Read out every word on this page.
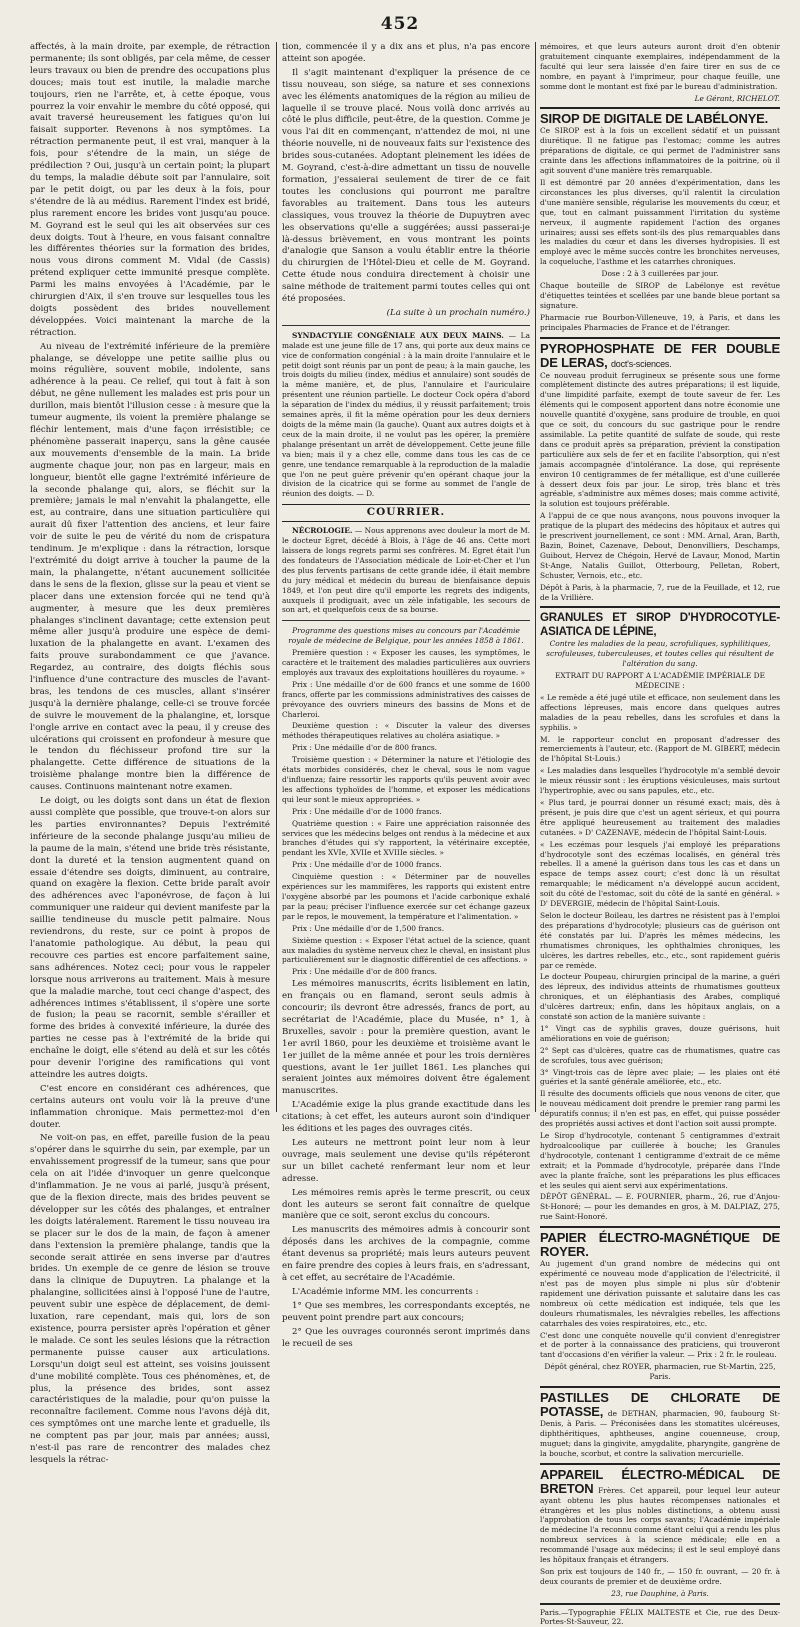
452

affectés, à la main droite, par exemple, de rétraction permanente; ils sont obligés, par cela même, de cesser leurs travaux ou bien de prendre des occupations plus douces; mais tout est inutile, la maladie marche toujours, rien ne l'arrête, et, à cette époque, vous pourrez la voir envahir le membre du côté opposé, qui avait traversé heureusement les fatigues qu'on lui faisait supporter. Revenons à nos symptômes. La rétraction permanente peut, il est vrai, manquer à la fois, pour s'étendre de la main, un siége de prédilection ? Oui, jusqu'à un certain point; la plupart du temps, la maladie débute soit par l'annulaire, soit par le petit doigt, ou par les deux à la fois, pour s'étendre de là au médius. Rarement l'index est bridé, plus rarement encore les brides vont jusqu'au pouce. M. Goyrand est le seul qui les ait observées sur ces deux doigts. Tout à l'heure, en vous faisant connaître les différentes théories sur la formation des brides, nous vous dirons comment M. Vidal (de Cassis) prétend expliquer cette immunité presque complète. Parmi les mains envoyées à l'Académie, par le chirurgien d'Aix, il s'en trouve sur lesquelles tous les doigts possèdent des brides nouvellement développées. Voici maintenant la marche de la rétraction.

Au niveau de l'extrémité inférieure de la première phalange, se développe une petite saillie plus ou moins régulière, souvent mobile, indolente, sans adhérence à la peau. Ce relief, qui tout à fait à son début, ne gêne nullement les malades est pris pour un durillon, mais bientôt l'illusion cesse : à mesure que la tumeur augmente, ils voient la première phalange se fléchir lentement, mais d'une façon irrésistible; ce phénomène passerait inaperçu, sans la gêne causée aux mouvements d'ensemble de la main. La bride augmente chaque jour, non pas en largeur, mais en longueur, bientôt elle gagne l'extrémité inférieure de la seconde phalange qui, alors, se fléchit sur la première; jamais le mal n'envahit la phalangette, elle est, au contraire, dans une situation particulière qui aurait dû fixer l'attention des anciens, et leur faire voir de suite le peu de vérité du nom de crispatura tendinum. Je m'explique : dans la rétraction, lorsque l'extrémité du doigt arrive à toucher la paume de la main, la phalangette, n'étant aucunement sollicitée dans le sens de la flexion, glisse sur la peau et vient se placer dans une extension forcée qui ne tend qu'à augmenter, à mesure que les deux premières phalanges s'inclinent davantage; cette extension peut même aller jusqu'à produire une espèce de demi-luxation de la phalangette en avant. L'examen des faits prouve surabondamment ce que j'avance. Regardez, au contraire, des doigts fléchis sous l'influence d'une contracture des muscles de l'avant-bras, les tendons de ces muscles, allant s'insérer jusqu'à la dernière phalange, celle-ci se trouve forcée de suivre le mouvement de la phalangine, et, lorsque l'ongle arrive en contact avec la peau, il y creuse des ulcérations qui croissent en profondeur à mesure que le tendon du fléchisseur profond tire sur la phalangette. Cette différence de situations de la troisième phalange montre bien la différence de causes. Continuons maintenant notre examen.

Le doigt, ou les doigts sont dans un état de flexion aussi complète que possible, que trouve-t-on alors sur les parties environnantes? Depuis l'extrémité inférieure de la seconde phalange jusqu'au milieu de la paume de la main, s'étend une bride très résistante, dont la dureté et la tension augmentent quand on essaie d'étendre ses doigts, diminuent, au contraire, quand on exagère la flexion. Cette bride paraît avoir des adhérences avec l'aponévrose, de façon à lui communiquer une raideur qui devient manifeste par la saillie tendineuse du muscle petit palmaire. Nous reviendrons, du reste, sur ce point à propos de l'anatomie pathologique. Au début, la peau qui recouvre ces parties est encore parfaitement saine, sans adhérences. Notez ceci; pour vous le rappeler lorsque nous arriverons au traitement. Mais à mesure que la maladie marche, tout ceci change d'aspect, des adhérences intimes s'établissent, il s'opère une sorte de fusion; la peau se racornit, semble s'érailler et forme des brides à convexité inférieure, la durée des parties ne cesse pas à l'extrémité de la bride qui enchaîne le doigt, elle s'étend au delà et sur les côtés pour devenir l'origine des ramifications qui vont atteindre les autres doigts.

C'est encore en considérant ces adhérences, que certains auteurs ont voulu voir là la preuve d'une inflammation chronique. Mais permettez-moi d'en douter.

Ne voit-on pas, en effet, pareille fusion de la peau s'opérer dans le squirrhe du sein, par exemple, par un envahissement progressif de la tumeur, sans que pour cela on ait l'idée d'invoquer un genre quelconque d'inflammation. Je ne vous ai parlé, jusqu'à présent, que de la flexion directe, mais des brides peuvent se développer sur les côtés des phalanges, et entraîner les doigts latéralement. Rarement le tissu nouveau ira se placer sur le dos de la main, de façon à amener dans l'extension la première phalange, tandis que la seconde serait attirée en sens inverse par d'autres brides. Un exemple de ce genre de lésion se trouve dans la clinique de Dupuytren. La phalange et la phalangine, sollicitées ainsi à l'opposé l'une de l'autre, peuvent subir une espèce de déplacement, de demi-luxation, rare cependant, mais qui, lors de son existence, pourra persister après l'opération et gêner le malade. Ce sont les seules lésions que la rétraction permanente puisse causer aux articulations. Lorsqu'un doigt seul est atteint, ses voisins jouissent d'une mobilité complète. Tous ces phénomènes, et, de plus, la présence des brides, sont assez caractéristiques de la maladie, pour qu'on puisse la reconnaître facilement. Comme nous l'avons déjà dit, ces symptômes ont une marche lente et graduelle, ils ne comptent pas par jour, mais par années; aussi, n'est-il pas rare de rencontrer des malades chez lesquels la rétrac-

tion, commencée il y a dix ans et plus, n'a pas encore atteint son apogée.

Il s'agit maintenant d'expliquer la présence de ce tissu nouveau, son siége, sa nature et ses connexions avec les éléments anatomiques de la région au milieu de laquelle il se trouve placé. Nous voilà donc arrivés au côté le plus difficile, peut-être, de la question. Comme je vous l'ai dit en commençant, n'attendez de moi, ni une théorie nouvelle, ni de nouveaux faits sur l'existence des brides sous-cutanées. Adoptant pleinement les idées de M. Goyrand, c'est-à-dire admettant un tissu de nouvelle formation, j'essaierai seulement de tirer de ce fait toutes les conclusions qui pourront me paraître favorables au traitement. Dans tous les auteurs classiques, vous trouvez la théorie de Dupuytren avec les observations qu'elle a suggérées; aussi passerai-je là-dessus brièvement, en vous montrant les points d'analogie que Sanson a voulu établir entre la théorie du chirurgien de l'Hôtel-Dieu et celle de M. Goyrand. Cette étude nous conduira directement à choisir une saine méthode de traitement parmi toutes celles qui ont été proposées.

(La suite à un prochain numéro.)

SYNDACTYLIE CONGÉNIALE AUX DEUX MAINS. — La malade est une jeune fille de 17 ans, qui porte aux deux mains ce vice de conformation congénial : à la main droite l'annulaire et le petit doigt sont réunis par un pont de peau; à la main gauche, les trois doigts du milieu (index, médius et annulaire) sont soudés de la même manière, et, de plus, l'annulaire et l'auriculaire présentent une réunion partielle. Le docteur Cock opéra d'abord la séparation de l'index du médius, il y réussit parfaitement; trois semaines après, il fit la même opération pour les deux derniers doigts de la même main (la gauche). Quant aux autres doigts et à ceux de la main droite, il ne voulut pas les opérer, la première phalange présentant un arrêt de développement. Cette jeune fille va bien; mais il y a chez elle, comme dans tous les cas de ce genre, une tendance remarquable à la reproduction de la maladie que l'on ne peut guère prévenir qu'en opérant chaque jour la division de la cicatrice qui se forme au sommet de l'angle de réunion des doigts. — D.

COURRIER.

NÉCROLOGIE. — Nous apprenons avec douleur la mort de M. le docteur Egret, décédé à Blois, à l'âge de 46 ans. Cette mort laissera de longs regrets parmi ses confrères. M. Egret était l'un des fondateurs de l'Association médicale de Loir-et-Cher et l'un des plus fervents partisans de cette grande idée, il était membre du jury médical et médecin du bureau de bienfaisance depuis 1849, et l'on peut dire qu'il emporte les regrets des indigents, auxquels il prodiguait, avec un zèle infatigable, les secours de son art, et quelquefois ceux de sa bourse.

Programme des questions mises au concours par l'Académie royale de médecine de Belgique, pour les années 1858 à 1861.

Première question : « Exposer les causes, les symptômes, le caractère et le traitement des maladies particulières aux ouvriers employés aux travaux des exploitations houillères du royaume. »

Prix : Une médaille d'or de 600 francs et une somme de 1600 francs, offerte par les commissions administratives des caisses de prévoyance des ouvriers mineurs des bassins de Mons et de Charleroi.

Deuxième question : « Discuter la valeur des diverses méthodes thérapeutiques relatives au choléra asiatique. »

Prix : Une médaille d'or de 800 francs.

Troisième question : « Déterminer la nature et l'étiologie des états morbides considérés, chez le cheval, sous le nom vague d'influenza; faire ressortir les rapports qu'ils peuvent avoir avec les affections typhoïdes de l'homme, et exposer les médications qui leur sont le mieux appropriées. »

Prix : Une médaille d'or de 1000 francs.

Quatrième question : « Faire une appréciation raisonnée des services que les médecins belges ont rendus à la médecine et aux branches d'études qui s'y rapportent, la vétérinaire exceptée, pendant les XVIe, XVIIe et XVIIIe siècles. »

Prix : Une médaille d'or de 1000 francs.

Cinquième question : « Déterminer par de nouvelles expériences sur les mammifères, les rapports qui existent entre l'oxygène absorbé par les poumons et l'acide carbonique exhalé par la peau; préciser l'influence exercée sur cet échange gazeux par le repos, le mouvement, la température et l'alimentation. »

Prix : Une médaille d'or de 1,500 francs.

Sixième question : « Exposer l'état actuel de la science, quant aux maladies du système nerveux chez le cheval, en insistant plus particulièrement sur le diagnostic différentiel de ces affections. »

Prix : Une médaille d'or de 800 francs.

Les mémoires manuscrits, écrits lisiblement en latin, en français ou en flamand, seront seuls admis à concourir; ils devront être adressés, francs de port, au secrétariat de l'Académie, place du Musée, n° 1, à Bruxelles, savoir : pour la première question, avant le 1er avril 1860, pour les deuxième et troisième avant le 1er juillet de la même année et pour les trois dernières questions, avant le 1er juillet 1861. Les planches qui seraient jointes aux mémoires doivent être également manuscrites.

L'Académie exige la plus grande exactitude dans les citations; à cet effet, les auteurs auront soin d'indiquer les éditions et les pages des ouvrages cités.

Les auteurs ne mettront point leur nom à leur ouvrage, mais seulement une devise qu'ils répéteront sur un billet cacheté renfermant leur nom et leur adresse.

Les mémoires remis après le terme prescrit, ou ceux dont les auteurs se seront fait connaître de quelque manière que ce soit, seront exclus du concours.

Les manuscrits des mémoires admis à concourir sont déposés dans les archives de la compagnie, comme étant devenus sa propriété; mais leurs auteurs peuvent en faire prendre des copies à leurs frais, en s'adressant, à cet effet, au secrétaire de l'Académie.

L'Académie informe MM. les concurrents :

1° Que ses membres, les correspondants exceptés, ne peuvent point prendre part aux concours;

2° Que les ouvrages couronnés seront imprimés dans le recueil de ses

mémoires, et que leurs auteurs auront droit d'en obtenir gratuitement cinquante exemplaires, indépendamment de la faculté qui leur sera laissée d'en faire tirer en sus de ce nombre, en payant à l'imprimeur, pour chaque feuille, une somme dont le montant est fixé par le bureau d'administration.

Le Gérant, RICHELOT.

SIROP DE DIGITALE DE LABÉLONYE.

Ce SIROP est à la fois un excellent sédatif et un puissant diurétique. Il ne fatigue pas l'estomac; comme les autres préparations de digitale, ce qui permet de l'administrer sans crainte dans les affections inflammatoires de la poitrine, où il agit souvent d'une manière très remarquable.

Il est démontré par 20 années d'expérimentation, dans les circonstances les plus diverses, qu'il ralentit la circulation d'une manière sensible, régularise les mouvements du cœur, et que, tout en calmant puissamment l'irritation du système nerveux, il augmente rapidement l'action des organes urinaires; aussi ses effets sont-ils des plus remarquables dans les maladies du cœur et dans les diverses hydropisies. Il est employé avec le même succès contre les bronchites nerveuses, la coqueluche, l'asthme et les catarrhes chroniques.

Dose : 2 à 3 cuillerées par jour.

Chaque bouteille de SIROP de Labélonye est revêtue d'étiquettes teintées et scellées par une bande bleue portant sa signature.

Pharmacie rue Bourbon-Villeneuve, 19, à Paris, et dans les principales Pharmacies de France et de l'étranger.

PYROPHOSPHATE DE FER DOUBLE DE LERAS, doct's-sciences.

Ce nouveau produit ferrugineux se présente sous une forme complètement distincte des autres préparations; il est liquide, d'une limpidité parfaite, exempt de toute saveur de fer. Les éléments qui le composent apportent dans notre économie une nouvelle quantité d'oxygène, sans produire de trouble, en quoi que ce soit, du concours du suc gastrique pour le rendre assimilable. La petite quantité de sulfate de soude, qui reste dans ce produit après sa préparation, prévient la constipation particulière aux sels de fer et en facilite l'absorption, qui n'est jamais accompagnée d'intolérance. La dose, qui représente environ 10 centigrammes de fer métallique, est d'une cuillerée à dessert deux fois par jour. Le sirop, très blanc et très agréable, s'administre aux mêmes doses; mais comme activité, la solution est toujours préférable.

A l'appui de ce que nous avançons, nous pouvons invoquer la pratique de la plupart des médecins des hôpitaux et autres qui le prescrivent journellement, ce sont : MM. Arnal, Aran, Barth, Bazin, Boinet, Cazenave, Debout, Denonvilliers, Deschamps, Guibout, Hervez de Chégoin, Hervé de Lavaur, Monod, Martin St-Ange, Natalis Guillot, Otterbourg, Pelletan, Robert, Schuster, Vernois, etc., etc.

Dépôt à Paris, à la pharmacie, 7, rue de la Feuillade, et 12, rue de la Vrillière.

GRANULES ET SIROP D'HYDROCOTYLE-ASIATICA DE LÉPINE,

Contre les maladies de la peau, scrofuliques, syphilitiques, scrofuleuses, tuberculeuses, et toutes celles qui résultent de l'altération du sang.

EXTRAIT DU RAPPORT A L'ACADÉMIE IMPÉRIALE DE MÉDECINE :

« Le remède a été jugé utile et efficace, non seulement dans les affections lépreuses, mais encore dans quelques autres maladies de la peau rebelles, dans les scrofules et dans la syphilis. »

M. le rapporteur conclut en proposant d'adresser des remerciements à l'auteur, etc. (Rapport de M. GIBERT, médecin de l'hôpital St-Louis.)

« Les maladies dans lesquelles l'hydrocotyle m'a semblé devoir le mieux réussir sont : les éruptions vésiculeuses, mais surtout l'hypertrophie, avec ou sans papules, etc., etc.

« Plus tard, je pourrai donner un résumé exact; mais, dès à présent, je puis dire que c'est un agent sérieux, et qui pourra être appliqué heureusement au traitement des maladies cutanées. » D' CAZENAVE, médecin de l'hôpital Saint-Louis.

« Les eczémas pour lesquels j'ai employé les préparations d'hydrocotyle sont des eczémas localisés, en général très rebelles. Il a amené la guérison dans tous les cas et dans un espace de temps assez court; c'est donc là un résultat remarquable; le médicament n'a développé aucun accident, soit du côté de l'estomac, soit du côté de la santé en général. » D' DEVERGIE, médecin de l'hôpital Saint-Louis.

Selon le docteur Boileau, les dartres ne résistent pas à l'emploi des préparations d'hydrocotyle; plusieurs cas de guérison ont été constatés par lui. D'après les mêmes médecins, les rhumatismes chroniques, les ophthalmies chroniques, les ulcères, les dartres rebelles, etc., etc., sont rapidement guéris par ce remède.

Le docteur Poupeau, chirurgien principal de la marine, a guéri des lépreux, des individus atteints de rhumatismes goutteux chroniques, et un éléphantiasis des Arabes, compliqué d'ulcères dartreux; enfin, dans les hôpitaux anglais, on a constaté son action de la manière suivante :

1° Vingt cas de syphilis graves, douze guérisons, huit améliorations en voie de guérison;

2° Sept cas d'ulcères, quatre cas de rhumatismes, quatre cas de scrofules, tous avec guérison;

3° Vingt-trois cas de lèpre avec plaie; — les plaies ont été guéries et la santé générale améliorée, etc., etc.

Il résulte des documents officiels que nous venons de citer, que le nouveau médicament doit prendre le premier rang parmi les dépuratifs connus; il n'en est pas, en effet, qui puisse posséder des propriétés aussi actives et dont l'action soit aussi prompte.

Le Sirop d'hydrocotyle, contenant 5 centigrammes d'extrait hydroalcoolique par cuillerée à bouche; les Granules d'hydrocotyle, contenant 1 centigramme d'extrait de ce même extrait; et la Pommade d'hydrocotyle, préparée dans l'Inde avec la plante fraîche, sont les préparations les plus efficaces et les seules qui aient servi aux expérimentations.

DÉPÔT GÉNÉRAL. — E. FOURNIER, pharm., 26, rue d'Anjou-St-Honoré; — pour les demandes en gros, à M. DALPIAZ, 275, rue Saint-Honoré.

PAPIER ÉLECTRO-MAGNÉTIQUE DE ROYER.

Au jugement d'un grand nombre de médecins qui ont expérimenté ce nouveau mode d'application de l'électricité, il n'est pas de moyen plus simple ni plus sûr d'obtenir rapidement une dérivation puissante et salutaire dans les cas nombreux où cette médication est indiquée, tels que les douleurs rhumatismales, les névralgies rebelles, les affections catarrhales des voies respiratoires, etc., etc.

C'est donc une conquête nouvelle qu'il convient d'enregistrer et de porter à la connaissance des praticiens, qui trouveront tant d'occasions d'en vérifier la valeur. — Prix : 2 fr. le rouleau.

Dépôt général, chez ROYER, pharmacien, rue St-Martin, 225, Paris.

PASTILLES DE CHLORATE DE POTASSE, de DETHAN, pharmacien, 90, faubourg St-Denis, à Paris. — Préconisées dans les stomatites ulcéreuses, diphthéritiques, aphtheuses, angine couenneuse, croup, muguet; dans la gingivite, amygdalite, pharyngite, gangrène de la bouche, scorbut, et contre la salivation mercurielle.

APPAREIL ÉLECTRO-MÉDICAL DE BRETON Frères. Cet appareil, pour lequel leur auteur ayant obtenu les plus hautes récompenses nationales et étrangères et les plus nobles distinctions, a obtenu aussi l'approbation de tous les corps savants; l'Académie impériale de médecine l'a reconnu comme étant celui qui a rendu les plus nombreux services à la science médicale; elle en a recommandé l'usage aux médecins; il est le seul employé dans les hôpitaux français et étrangers.

Son prix est toujours de 140 fr., — 150 fr. ouvrant, — 20 fr. à deux courants de premier et de deuxième ordre.

23, rue Dauphine, à Paris.

Paris.—Typographie FÉLIX MALTESTE et Cie, rue des Deux-Portes-St-Sauveur, 22.
